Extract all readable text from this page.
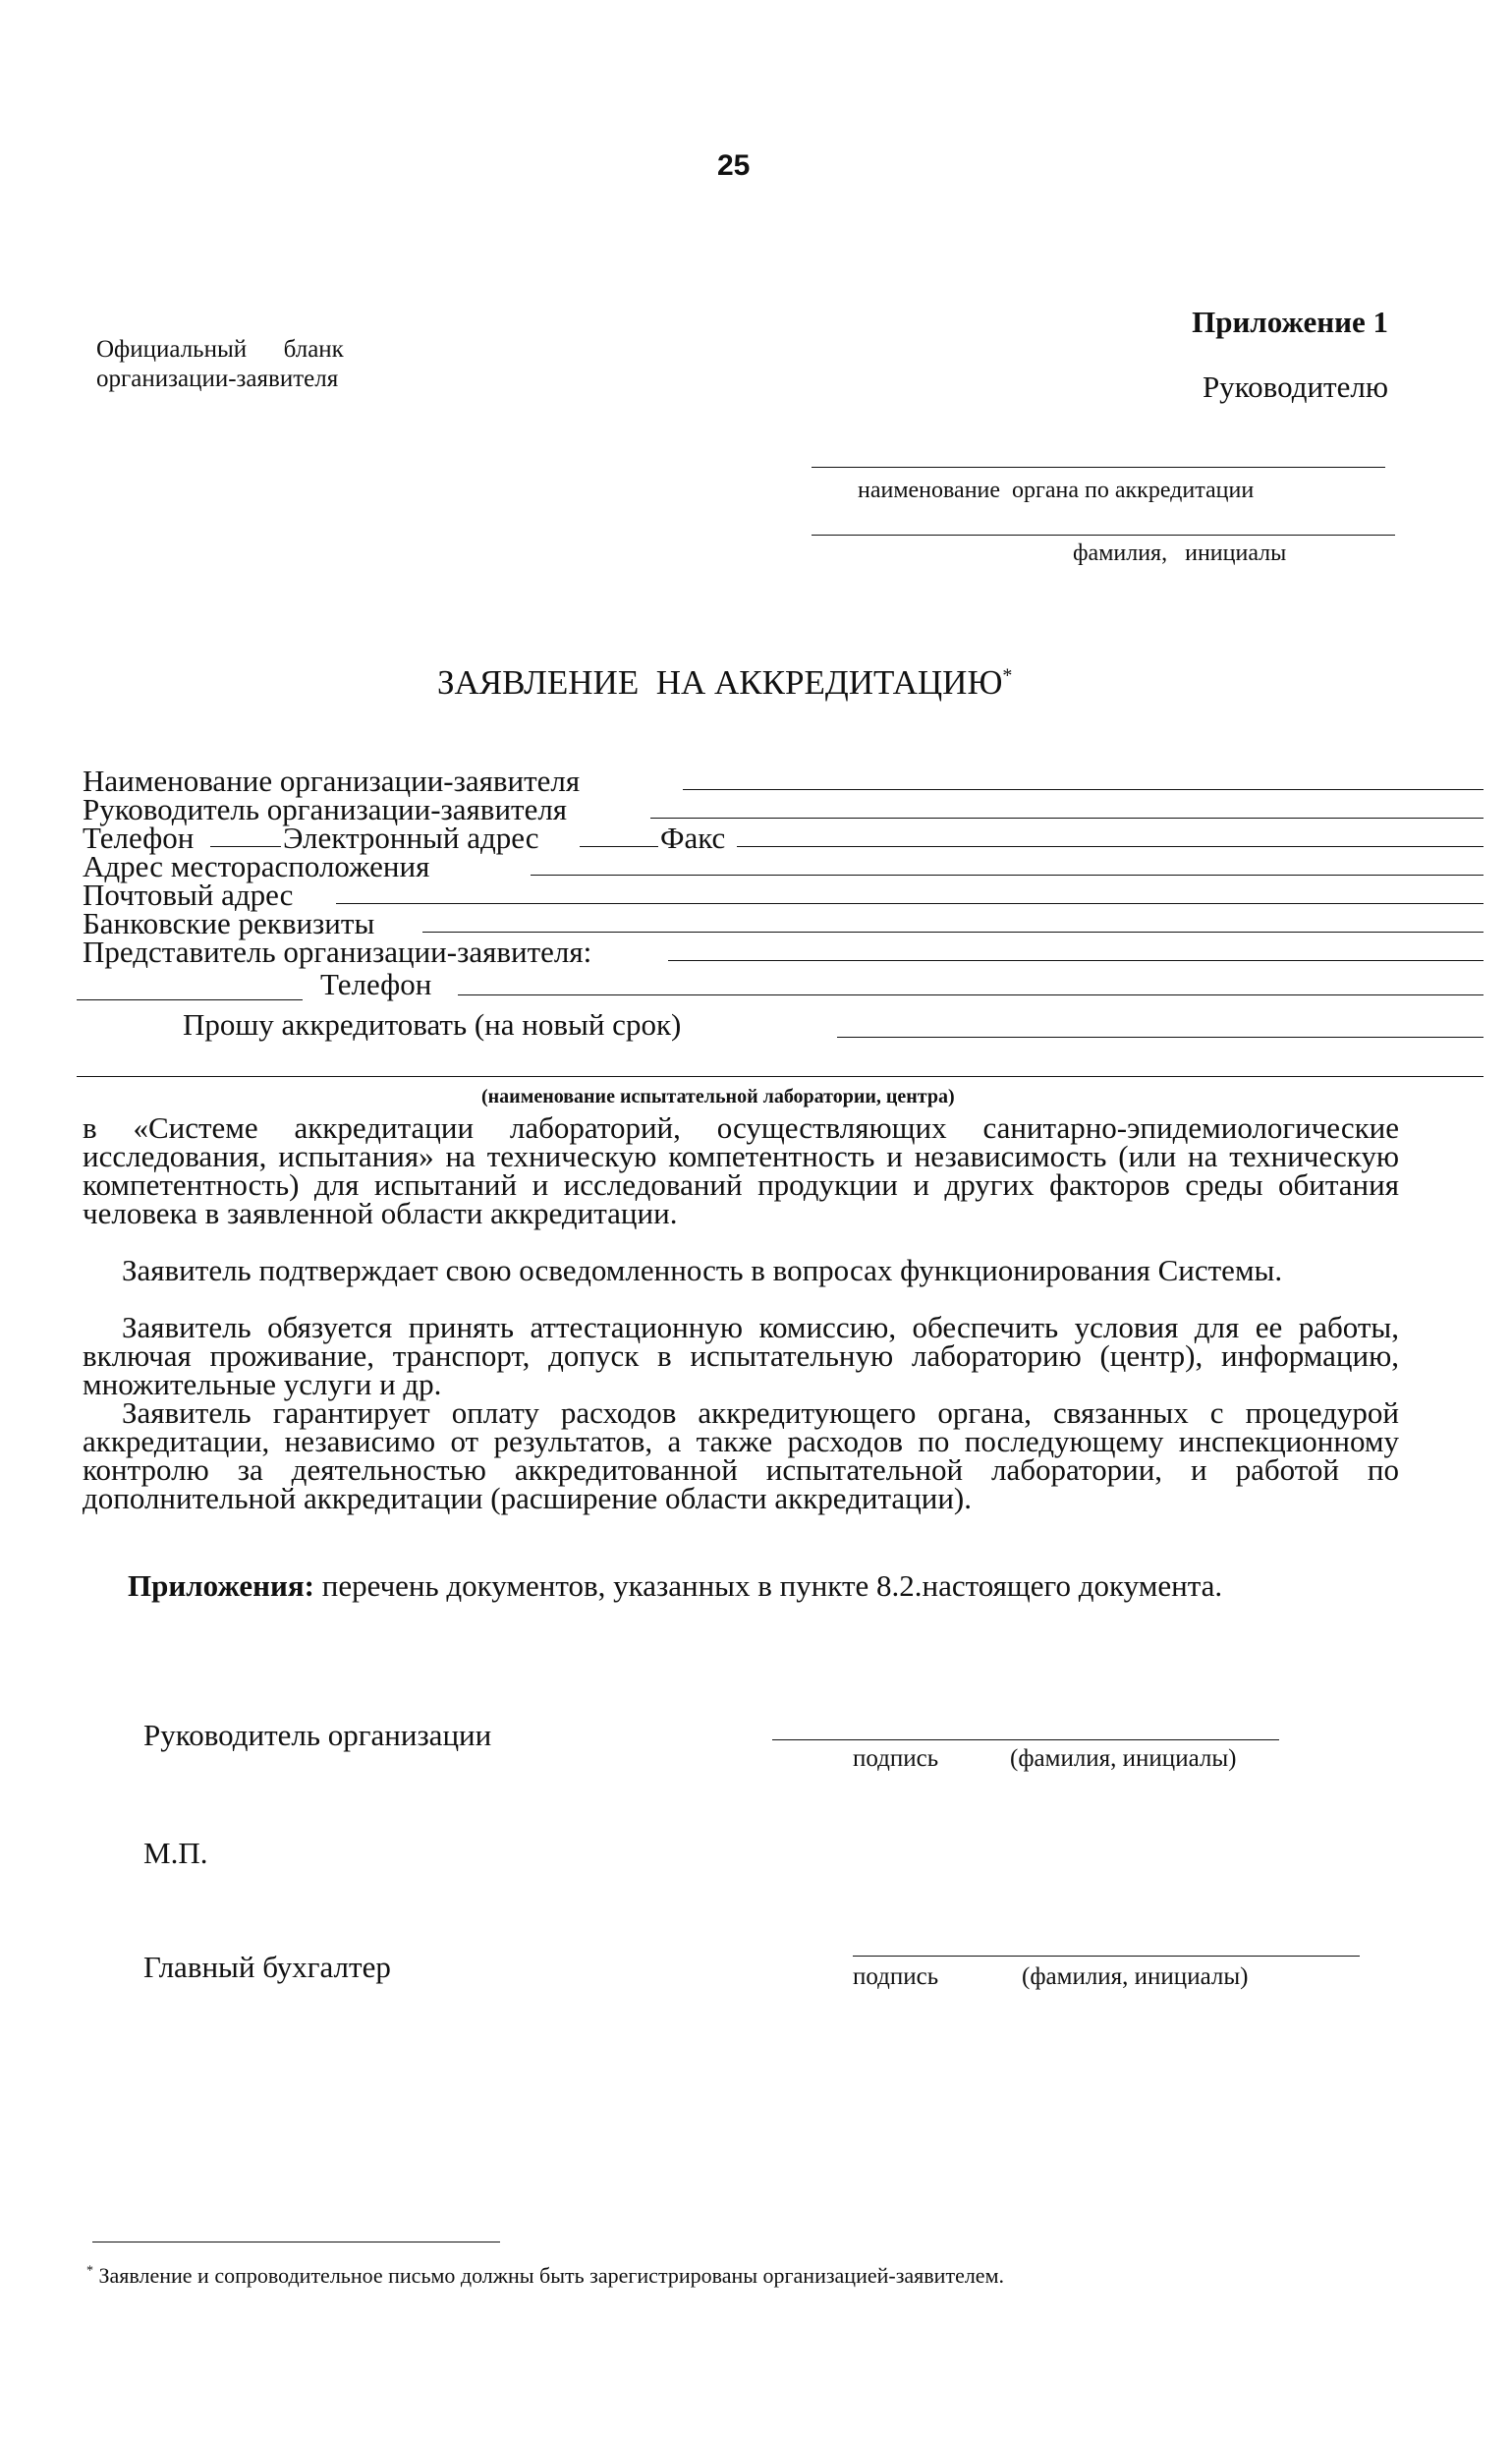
25
Официальный      бланк
организации-заявителя
Приложение 1
Руководителю
наименование  органа по аккредитации
фамилия,   инициалы
ЗАЯВЛЕНИЕ  НА АККРЕДИТАЦИЮ*
Наименование организации-заявителя
Руководитель организации-заявителя
Телефон	Электронный адрес	Факс
Адрес месторасположения
Почтовый адрес
Банковские реквизиты
Представитель организации-заявителя:
Телефон
Прошу аккредитовать (на новый срок)
(наименование испытательной лаборатории, центра)
в «Системе аккредитации лабораторий, осуществляющих санитарно-эпидемиологические исследования, испытания» на техническую компетентность и независимость (или на техническую компетентность) для испытаний и исследований продукции и других факторов среды обитания человека в заявленной области аккредитации.
Заявитель подтверждает свою осведомленность в вопросах функционирования Системы.
Заявитель обязуется принять аттестационную комиссию, обеспечить условия для ее работы, включая проживание, транспорт, допуск в испытательную лабораторию (центр), информацию, множительные услуги и др.
Заявитель гарантирует оплату расходов аккредитующего органа, связанных с процедурой аккредитации, независимо от результатов, а также расходов по последующему инспекционному контролю за деятельностью аккредитованной испытательной лаборатории, и работой по дополнительной аккредитации (расширение области аккредитации).
Приложения: перечень документов, указанных в пункте 8.2.настоящего документа.
Руководитель организации
подпись	(фамилия, инициалы)
М.П.
Главный бухгалтер	подпись	(фамилия, инициалы)
* Заявление и сопроводительное письмо должны быть зарегистрированы организацией-заявителем.
